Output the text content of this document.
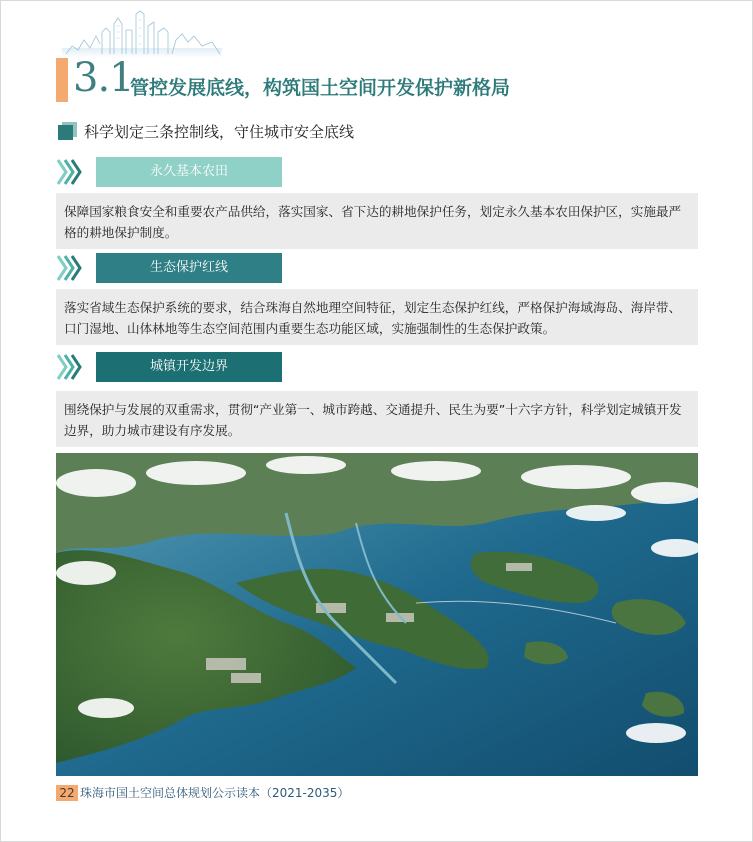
3.1
管控发展底线，构筑国土空间开发保护新格局
科学划定三条控制线，守住城市安全底线
永久基本农田
保障国家粮食安全和重要农产品供给，落实国家、省下达的耕地保护任务，划定永久基本农田保护区，实施最严格的耕地保护制度。
生态保护红线
落实省域生态保护系统的要求，结合珠海自然地理空间特征，划定生态保护红线，严格保护海域海岛、海岸带、口门湿地、山体林地等生态空间范围内重要生态功能区域，实施强制性的生态保护政策。
城镇开发边界
围绕保护与发展的双重需求，贯彻“产业第一、城市跨越、交通提升、民生为要”十六字方针，科学划定城镇开发边界，助力城市建设有序发展。
22 珠海市国土空间总体规划公示读本（2021-2035）
